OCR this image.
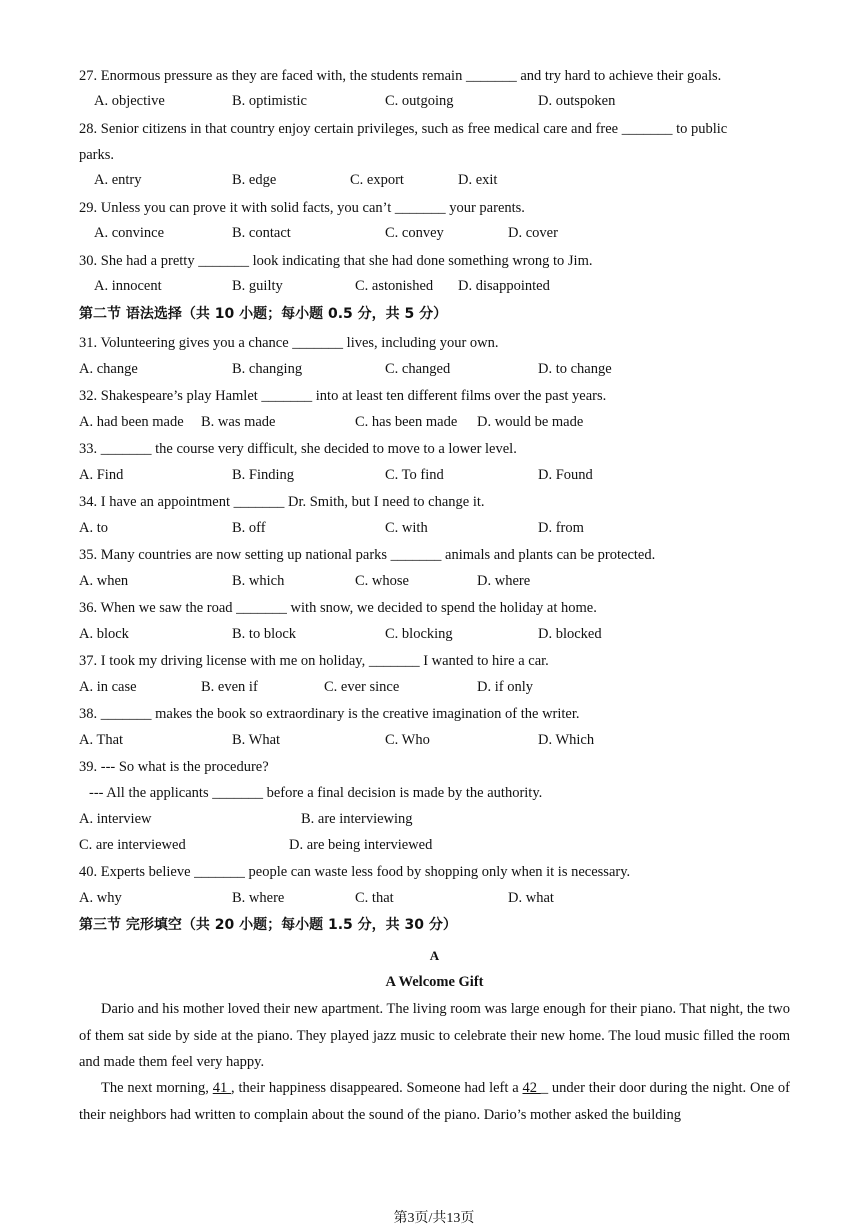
27. Enormous pressure as they are faced with, the students remain _______ and try hard to achieve their goals.
A. objective	B. optimistic	C. outgoing	D. outspoken
28. Senior citizens in that country enjoy certain privileges, such as free medical care and free _______ to public
parks.
A. entry	B. edge	C. export	D. exit
29. Unless you can prove it with solid facts, you can’t _______ your parents.
A. convince	B. contact	C. convey	D. cover
30. She had a pretty _______ look indicating that she had done something wrong to Jim.
A. innocent	B. guilty	C. astonished D. disappointed
第二节 语法选择（共 10 小题；每小题 0.5 分，共 5 分）
31. Volunteering gives you a chance _______ lives, including your own.
A. change	B. changing	C. changed	D. to change
32. Shakespeare’s play Hamlet _______ into at least ten different films over the past years.
A. had been made B. was made	C. has been made D. would be made
33. _______ the course very difficult, she decided to move to a lower level.
A. Find	B. Finding	C. To find	D. Found
34. I have an appointment _______ Dr. Smith, but I need to change it.
A. to	B. off	C. with	D. from
35. Many countries are now setting up national parks _______ animals and plants can be protected.
A. when	B. which	C. whose	D. where
36. When we saw the road _______ with snow, we decided to spend the holiday at home.
A. block	B. to block	C. blocking	D. blocked
37. I took my driving license with me on holiday, _______ I wanted to hire a car.
A. in case	B. even if	C. ever since	D. if only
38. _______ makes the book so extraordinary is the creative imagination of the writer.
A. That	B. What	C. Who	D. Which
39. --- So what is the procedure?
--- All the applicants _______ before a final decision is made by the authority.
A. interview	B. are interviewing
C. are interviewed	D. are being interviewed
40. Experts believe _______ people can waste less food by shopping only when it is necessary.
A. why	B. where	C. that	D. what
第三节 完形填空（共 20 小题；每小题 1.5 分，共 30 分）
A
A Welcome Gift
Dario and his mother loved their new apartment. The living room was large enough for their piano. That night, the two of them sat side by side at the piano. They played jazz music to celebrate their new home. The loud music filled the room and made them feel very happy.
The next morning, 41 , their happiness disappeared. Someone had left a 42 _ under their door during the night. One of their neighbors had written to complain about the sound of the piano. Dario’s mother asked the building
第3页/共13页
